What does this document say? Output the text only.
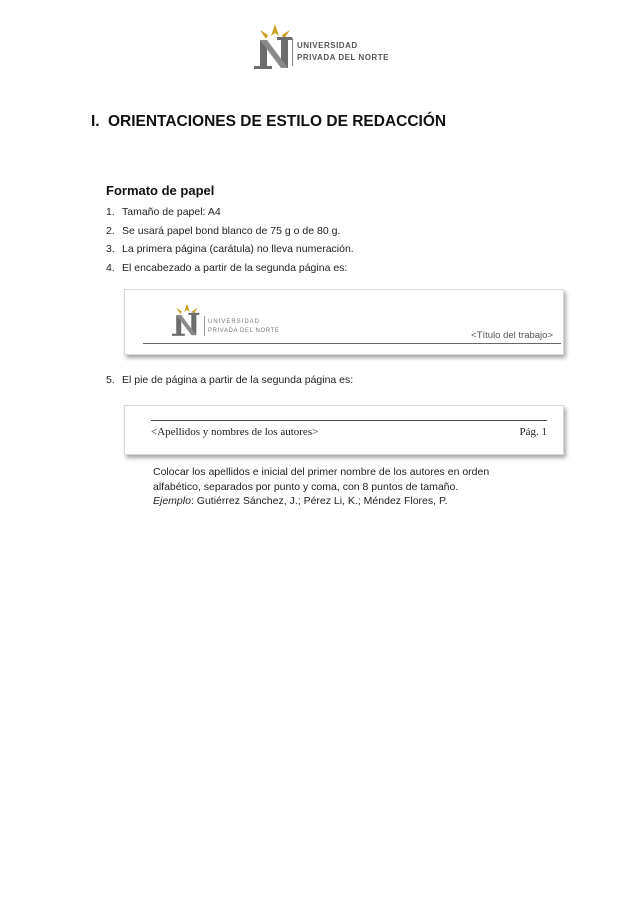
UNIVERSIDAD
PRIVADA DEL NORTE
I. ORIENTACIONES DE ESTILO DE REDACCIÓN
Formato de papel
1. Tamaño de papel: A4
2. Se usará papel bond blanco de 75 g o de 80 g.
3. La primera página (carátula) no lleva numeración.
4. El encabezado a partir de la segunda página es:
UNIVERSIDAD
PRIVADA DEL NORTE	<Título del trabajo>
5. El pie de página a partir de la segunda página es:
<Apellidos y nombres de los autores>	Pág. 1
Colocar los apellidos e inicial del primer nombre de los autores en orden
alfabético, separados por punto y coma, con 8 puntos de tamaño.
Ejemplo: Gutiérrez Sánchez, J.; Pérez Li, K.; Méndez Flores, P.
